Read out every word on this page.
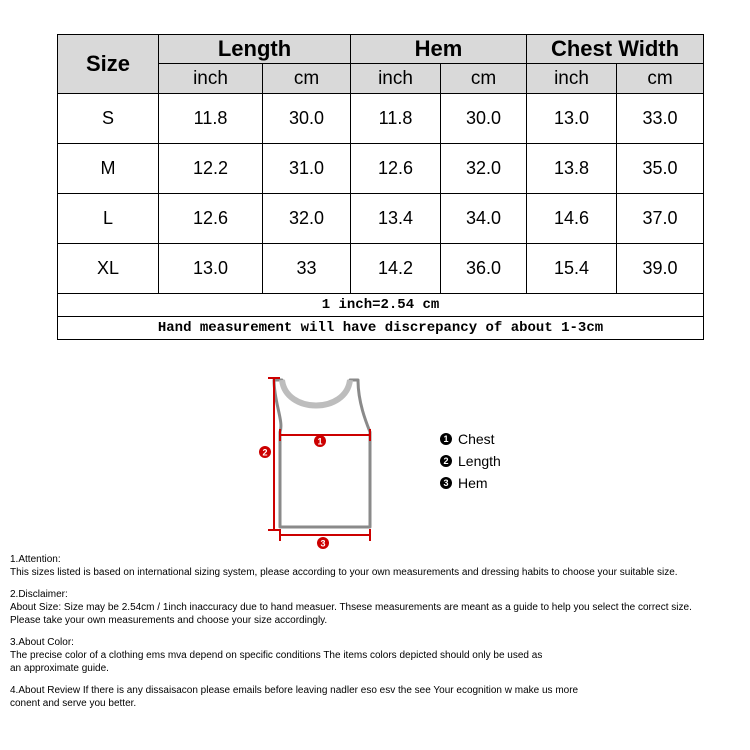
Size	Length		Hem		Chest Width	
	inch	cm	inch	cm	inch	cm
S	11.8	30.0	11.8	30.0	13.0	33.0
M	12.2	31.0	12.6	32.0	13.8	35.0
L	12.6	32.0	13.4	34.0	14.6	37.0
XL	13.0	33	14.2	36.0	15.4	39.0
1 inch=2.54 cm						
Hand measurement will have discrepancy of about 1-3cm						
1
2
3
1 Chest
2 Length
3 Hem

1.Attention:

This sizes listed is based on international sizing system, please according to your own measurements and dressing habits to choose your suitable size.

2.Disclaimer:

About Size: Size may be 2.54cm / 1inch inaccuracy due to hand measuer. Thsese measurements are meant as a guide to help you select the correct size.

Please take your own measurements and choose your size accordingly.

3.About Color:

The precise color of a clothing ems mva depend on specific conditions The items colors depicted should only be used as

an approximate guide.

4.About Review If there is any dissaisacon please emails before leaving nadler eso esv the see Your ecognition w make us more

conent and serve you better.
